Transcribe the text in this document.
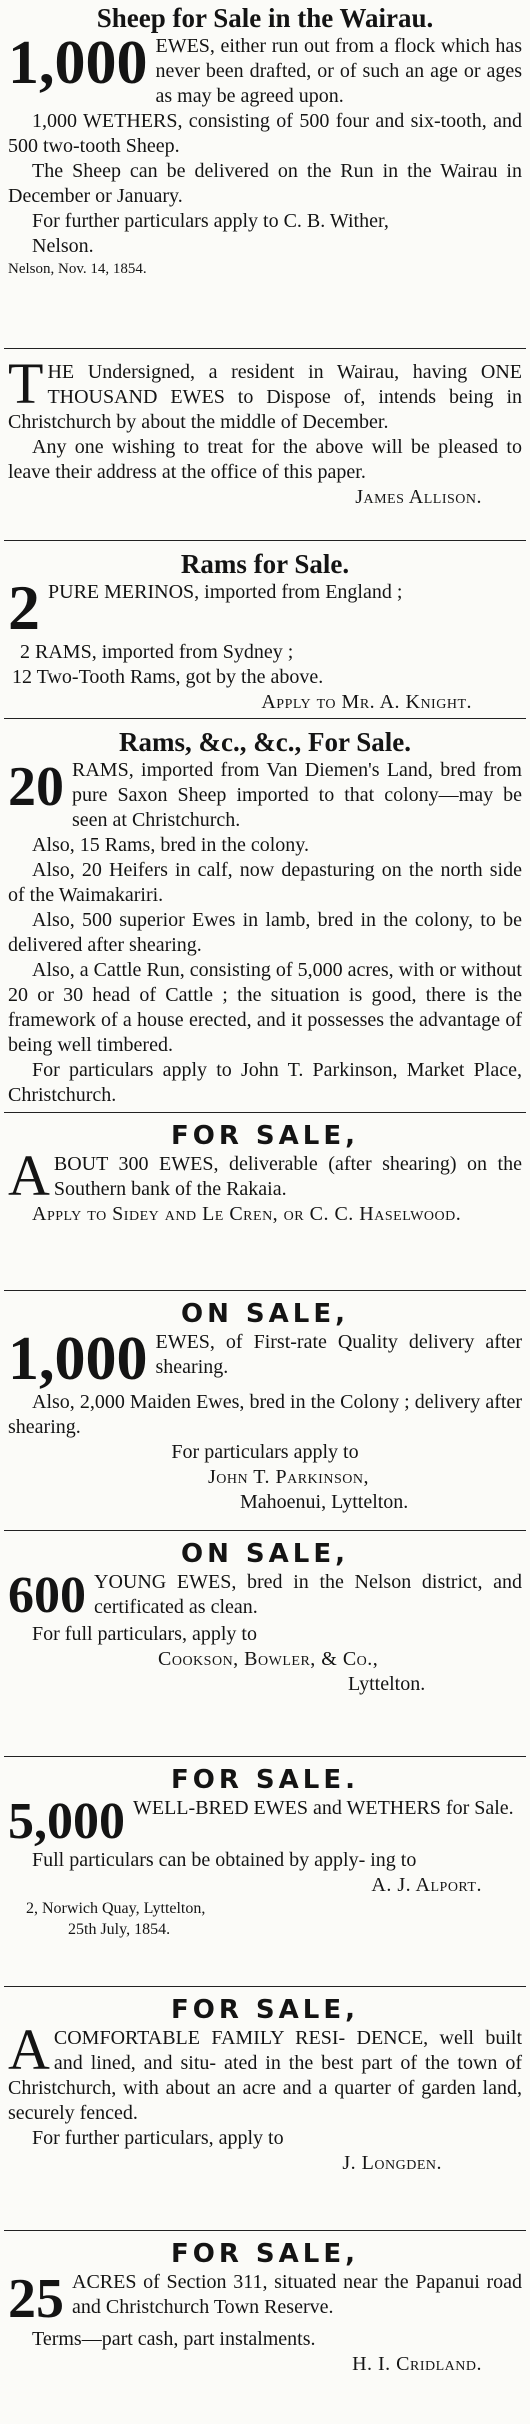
Sheep for Sale in the Wairau.
1,000 EWES, either run out from a flock which has never been drafted, or of such an age or ages as may be agreed upon.
1,000 WETHERS, consisting of 500 four and six-tooth, and 500 two-tooth Sheep.
The Sheep can be delivered on the Run in the Wairau in December or January.
For further particulars apply to C. B. Wither,
Nelson.
Nelson, Nov. 14, 1854.
T HE Undersigned, a resident in Wairau, having ONE THOUSAND EWES to Dispose of, intends being in Christchurch by about the middle of December.
Any one wishing to treat for the above will be pleased to leave their address at the office of this paper.
James Allison.
Rams for Sale.
2 PURE MERINOS, imported from England ;
2 RAMS, imported from Sydney ;
12 Two-Tooth Rams, got by the above.
Apply to Mr. A. Knight.
Rams, &c., &c., For Sale.
20 RAMS, imported from Van Diemen's Land, bred from pure Saxon Sheep imported to that colony—may be seen at Christchurch.
Also, 15 Rams, bred in the colony.
Also, 20 Heifers in calf, now depasturing on the north side of the Waimakariri.
Also, 500 superior Ewes in lamb, bred in the colony, to be delivered after shearing.
Also, a Cattle Run, consisting of 5,000 acres, with or without 20 or 30 head of Cattle ; the situation is good, there is the framework of a house erected, and it possesses the advantage of being well timbered.
For particulars apply to John T. Parkinson, Market Place, Christchurch.
FOR SALE,
A BOUT 300 EWES, deliverable (after shearing) on the Southern bank of the Rakaia.
Apply to Sidey and Le Cren, or C. C. Haselwood.
ON SALE,
1,000 EWES, of First-rate Quality delivery after shearing.
Also, 2,000 Maiden Ewes, bred in the Colony ; delivery after shearing.
For particulars apply to
John T. Parkinson,
Mahoenui, Lyttelton.
ON SALE,
600 YOUNG EWES, bred in the Nelson district, and certificated as clean.
For full particulars, apply to
Cookson, Bowler, & Co.,
Lyttelton.
FOR SALE.
5,000 WELL-BRED EWES and WETHERS for Sale.
Full particulars can be obtained by apply- ing to
A. J. Alport.
2, Norwich Quay, Lyttelton,
25th July, 1854.
FOR SALE,
A COMFORTABLE FAMILY RESI- DENCE, well built and lined, and situ- ated in the best part of the town of Christchurch, with about an acre and a quarter of garden land, securely fenced.
For further particulars, apply to
J. Longden.
FOR SALE,
25 ACRES of Section 311, situated near the Papanui road and Christchurch Town Reserve.
Terms—part cash, part instalments.
H. I. Cridland.
